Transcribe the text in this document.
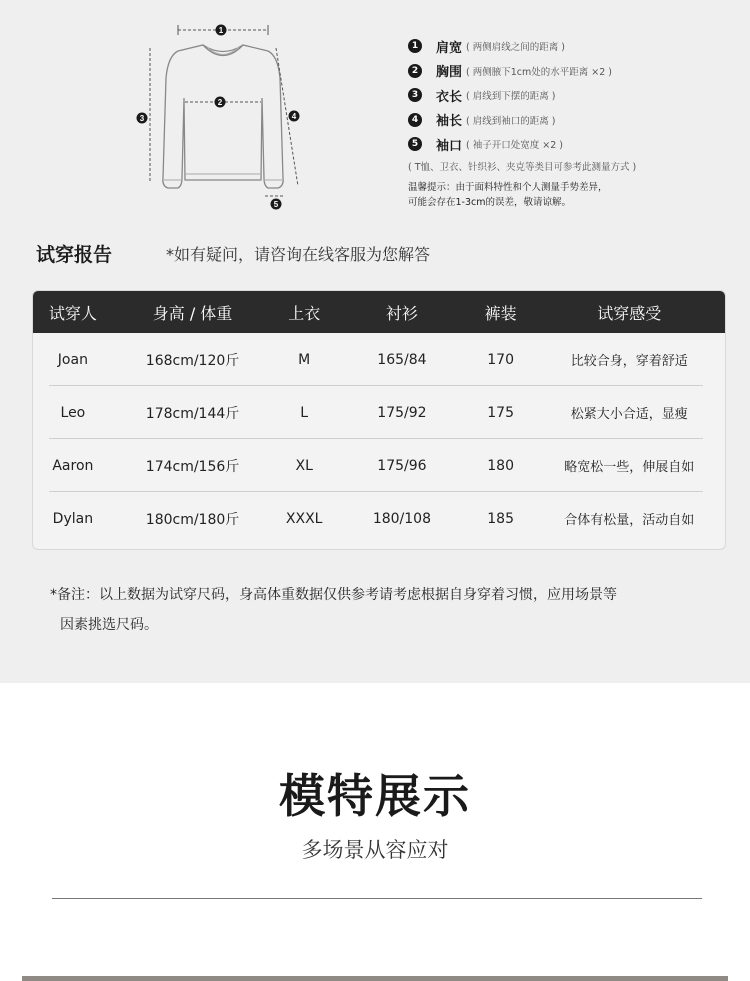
1
2
3	4
5
1 肩宽 ( 两侧肩线之间的距离 )
2 胸围 ( 两侧腋下1cm处的水平距离 ×2 )
3 衣长 ( 肩线到下摆的距离 )
4 袖长 ( 肩线到袖口的距离 )
5 袖口 ( 袖子开口处宽度 ×2 )
( T恤、卫衣、针织衫、夹克等类目可参考此测量方式 )
温馨提示：由于面料特性和个人测量手势差异，
可能会存在1-3cm的误差，敬请谅解。
试穿报告	*如有疑问，请咨询在线客服为您解答
试穿人	身高 / 体重	上衣	衬衫	裤装	试穿感受
Joan	168cm/120斤	M	165/84	170	比较合身，穿着舒适
Leo	178cm/144斤	L	175/92	175	松紧大小合适，显瘦
Aaron	174cm/156斤	XL	175/96	180	略宽松一些，伸展自如
Dylan	180cm/180斤	XXXL	180/108	185	合体有松量，活动自如
*备注：以上数据为试穿尺码，身高体重数据仅供参考请考虑根据自身穿着习惯，应用场景等
因素挑选尺码。
模特展示
多场景从容应对
